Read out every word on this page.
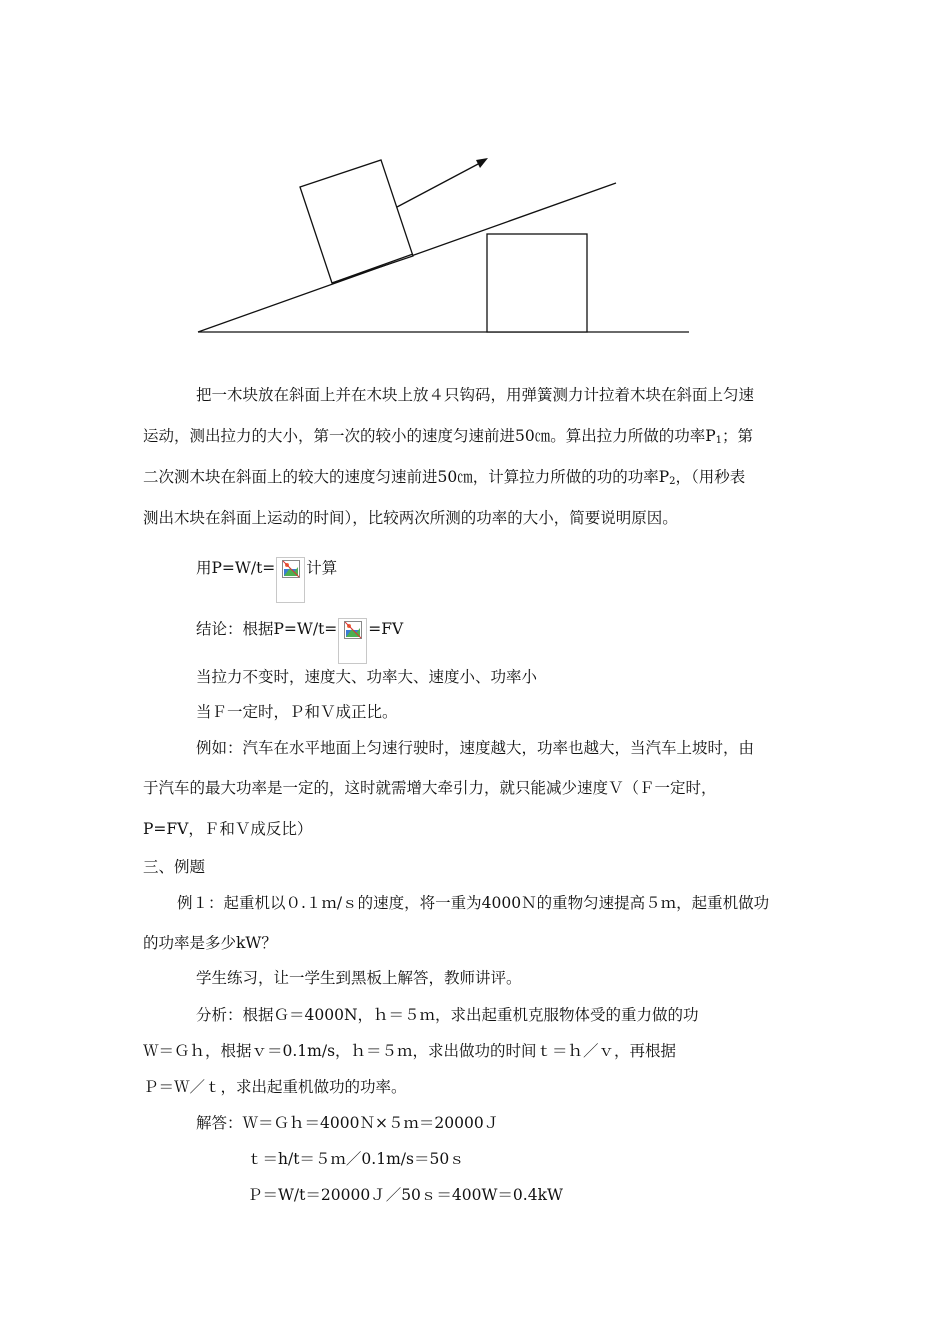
把一木块放在斜面上并在木块上放４只钩码，用弹簧测力计拉着木块在斜面上匀速
运动，测出拉力的大小，第一次的较小的速度匀速前进50㎝。算出拉力所做的功率$P_1$；第
二次测木块在斜面上的较大的速度匀速前进50㎝，计算拉力所做的功的功率$P_2$，（用秒表
测出木块在斜面上运动的时间），比较两次所测的功率的大小，简要说明原因。
用P=W/t= 计算
结论：根据P=W/t= =FV
当拉力不变时，速度大、功率大、速度小、功率小
当Ｆ一定时，Ｐ和Ｖ成正比。
例如：汽车在水平地面上匀速行驶时，速度越大，功率也越大，当汽车上坡时，由
于汽车的最大功率是一定的，这时就需增大牵引力，就只能减少速度Ｖ（Ｆ一定时，
P=FV，Ｆ和Ｖ成反比）
三、例题
例１：起重机以０.１ｍ/ｓ的速度，将一重为4000Ｎ的重物匀速提高５ｍ，起重机做功
的功率是多少kW？
学生练习，让一学生到黑板上解答，教师讲评。
分析：根据Ｇ＝4000N，ｈ＝５ｍ，求出起重机克服物体受的重力做的功
Ｗ＝Ｇｈ，根据ｖ＝0.1m/s，ｈ＝５ｍ，求出做功的时间ｔ＝ｈ／ｖ，再根据
Ｐ＝Ｗ／ｔ，求出起重机做功的功率。
解答：Ｗ＝Ｇｈ＝4000Ｎ×５ｍ＝20000Ｊ
ｔ＝h/t＝５ｍ／0.1m/s＝50ｓ
Ｐ＝W/t＝20000Ｊ／50ｓ＝400W＝0.4kW
